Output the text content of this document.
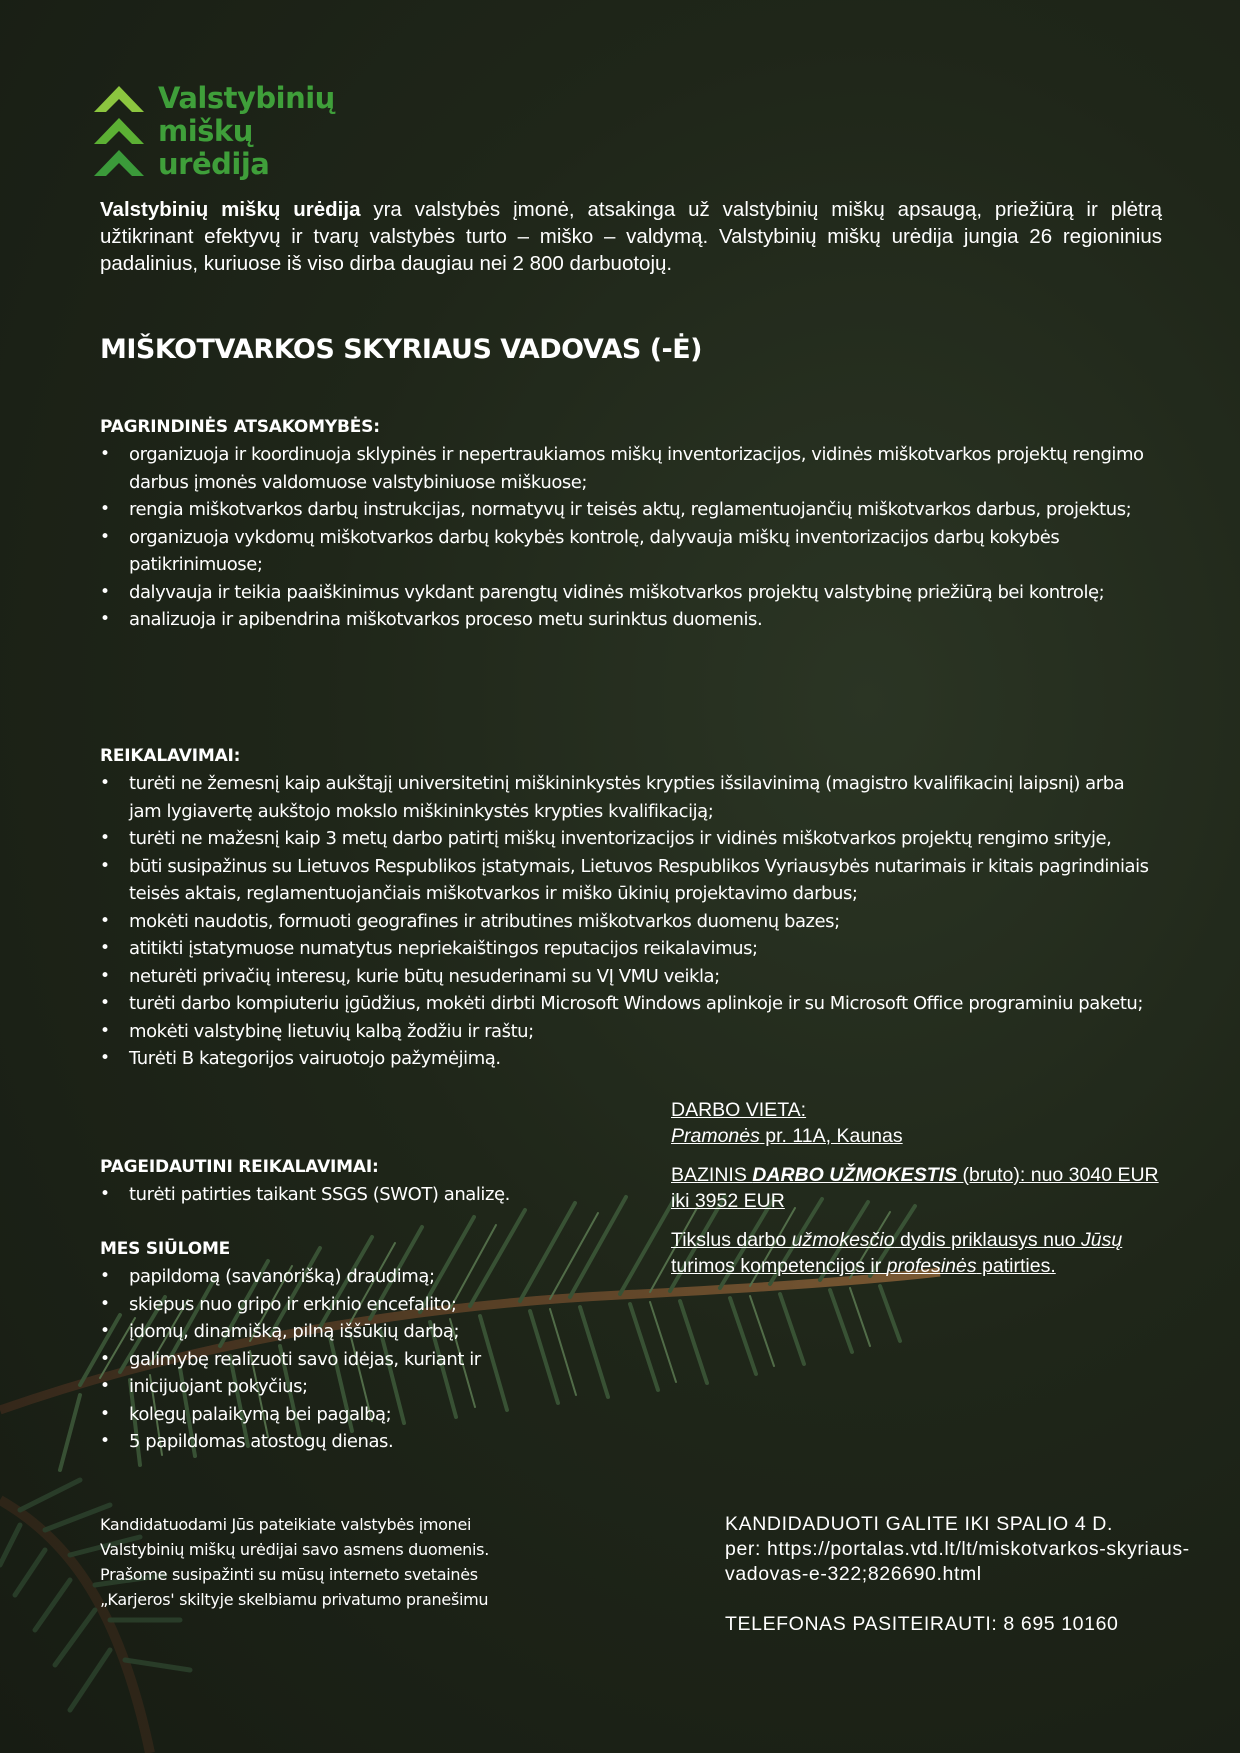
Valstybinių
miškų
urėdija

Valstybinių miškų urėdija yra valstybės įmonė, atsakinga už valstybinių miškų apsaugą, priežiūrą ir plėtrą užtikrinant efektyvų ir tvarų valstybės turto – miško – valdymą. Valstybinių miškų urėdija jungia 26 regioninius padalinius, kuriuose iš viso dirba daugiau nei 2 800 darbuotojų.

MIŠKOTVARKOS SKYRIAUS VADOVAS (-Ė)
PAGRINDINĖS ATSAKOMYBĖS:
• organizuoja ir koordinuoja sklypinės ir nepertraukiamos miškų inventorizacijos, vidinės miškotvarkos projektų rengimo darbus įmonės valdomuose valstybiniuose miškuose;
• rengia miškotvarkos darbų instrukcijas, normatyvų ir teisės aktų, reglamentuojančių miškotvarkos darbus, projektus;
• organizuoja vykdomų miškotvarkos darbų kokybės kontrolę, dalyvauja miškų inventorizacijos darbų kokybės patikrinimuose;
• dalyvauja ir teikia paaiškinimus vykdant parengtų vidinės miškotvarkos projektų valstybinę priežiūrą bei kontrolę;
• analizuoja ir apibendrina miškotvarkos proceso metu surinktus duomenis.
REIKALAVIMAI:
• turėti ne žemesnį kaip aukštąjį universitetinį miškininkystės krypties išsilavinimą (magistro kvalifikacinį laipsnį) arba jam lygiavertę aukštojo mokslo miškininkystės krypties kvalifikaciją;
• turėti ne mažesnį kaip 3 metų darbo patirtį miškų inventorizacijos ir vidinės miškotvarkos projektų rengimo srityje,
• būti susipažinus su Lietuvos Respublikos įstatymais, Lietuvos Respublikos Vyriausybės nutarimais ir kitais pagrindiniais teisės aktais, reglamentuojančiais miškotvarkos ir miško ūkinių projektavimo darbus;
• mokėti naudotis, formuoti geografines ir atributines miškotvarkos duomenų bazes;
• atitikti įstatymuose numatytus nepriekaištingos reputacijos reikalavimus;
• neturėti privačių interesų, kurie būtų nesuderinami su VĮ VMU veikla;
• turėti darbo kompiuteriu įgūdžius, mokėti dirbti Microsoft Windows aplinkoje ir su Microsoft Office programiniu paketu;
• mokėti valstybinę lietuvių kalbą žodžiu ir raštu;
• Turėti B kategorijos vairuotojo pažymėjimą.
PAGEIDAUTINI REIKALAVIMAI:
• turėti patirties taikant SSGS (SWOT) analizę.
MES SIŪLOME
• papildomą (savanorišką) draudimą;
• skiepus nuo gripo ir erkinio encefalito;
• įdomų, dinamišką, pilną iššūkių darbą;
• galimybę realizuoti savo idėjas, kuriant ir
• inicijuojant pokyčius;
• kolegų palaikymą bei pagalbą;
• 5 papildomas atostogų dienas.

DARBO VIETA:
Pramonės pr. 11A, Kaunas

BAZINIS DARBO UŽMOKESTIS (bruto): nuo 3040 EUR iki 3952 EUR

Tikslus darbo užmokesčio dydis priklausys nuo Jūsų turimos kompetencijos ir profesinės patirties.

Kandidatuodami Jūs pateikiate valstybės įmonei
Valstybinių miškų urėdijai savo asmens duomenis.
Prašome susipažinti su mūsų interneto svetainės
„Karjeros' skiltyje skelbiamu privatumo pranešimu

KANDIDADUOTI GALITE IKI SPALIO 4 D.
per: https://portalas.vtd.lt/lt/miskotvarkos-skyriaus-vadovas-e-322;826690.html

TELEFONAS PASITEIRAUTI: 8 695 10160
